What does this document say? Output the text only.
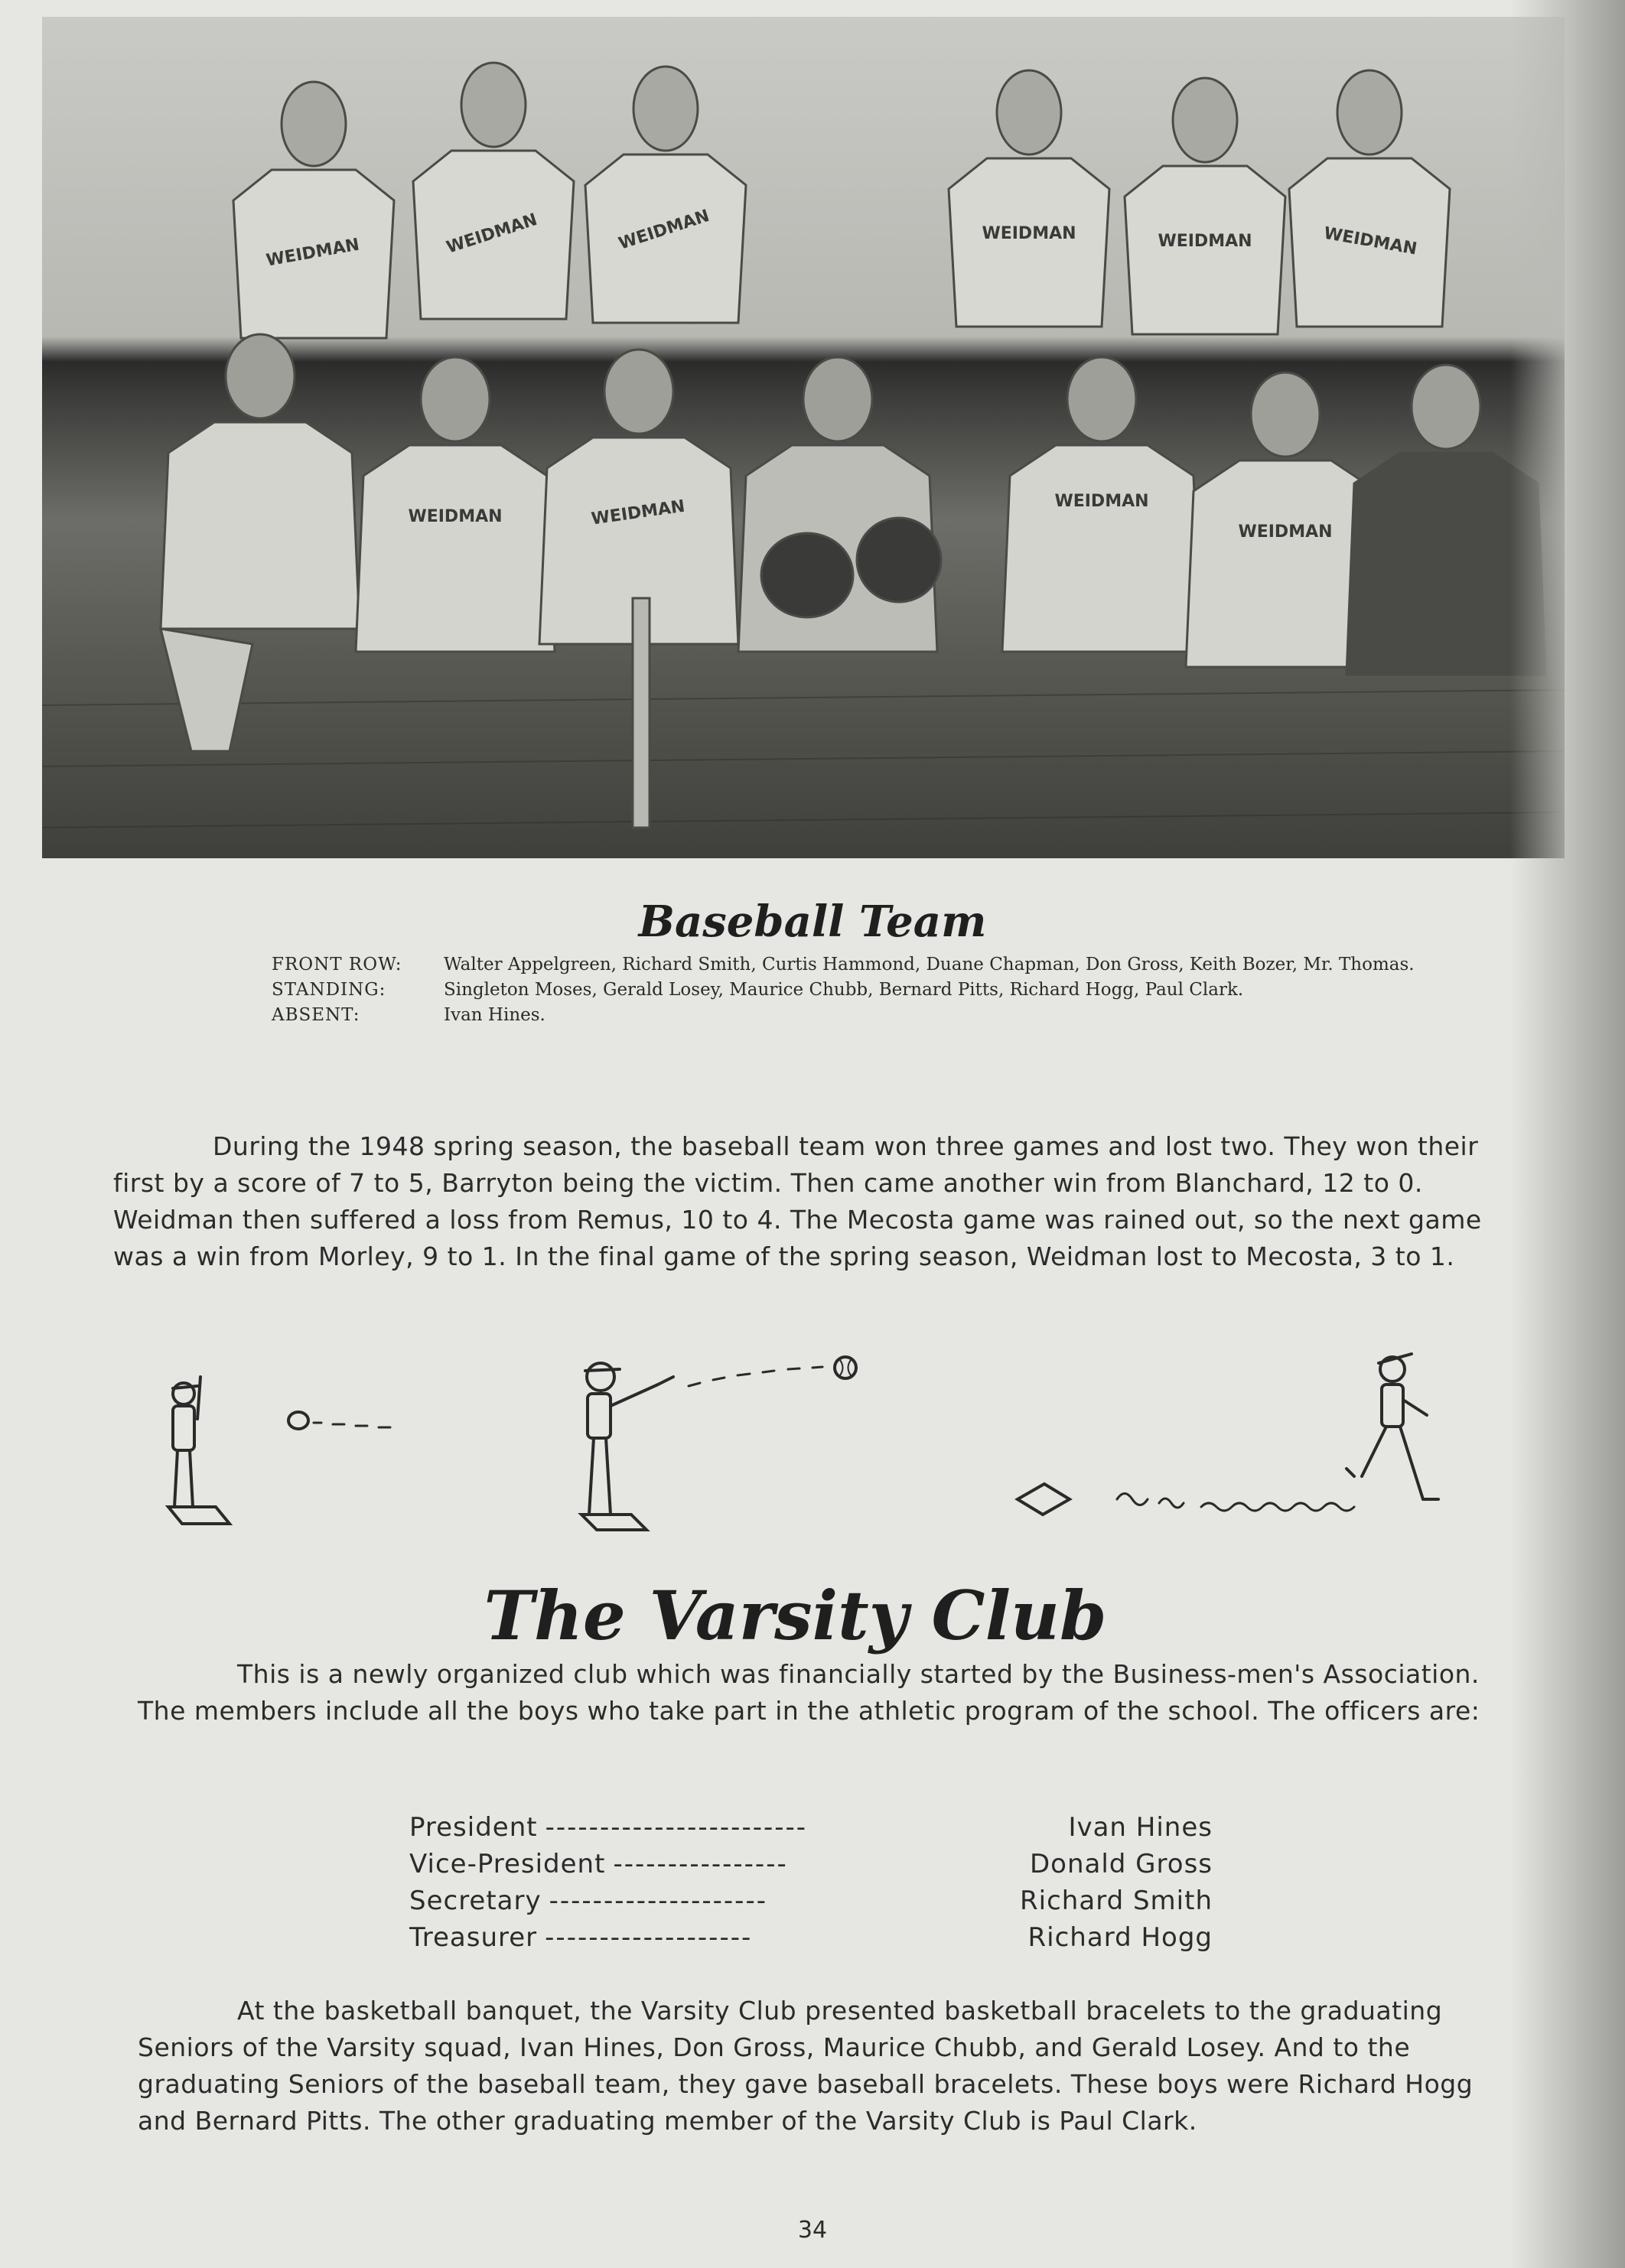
WEIDMAN	WEIDMAN	WEIDMAN	WEIDMAN	WEIDMAN	WEIDMAN
WEIDMAN	WEIDMAN	WEIDMAN
WEIDMAN
Baseball Team
FRONT ROW:	Walter Appelgreen, Richard Smith, Curtis Hammond, Duane Chapman, Don Gross, Keith Bozer, Mr. Thomas.
STANDING:	Singleton Moses, Gerald Losey, Maurice Chubb, Bernard Pitts, Richard Hogg, Paul Clark.
ABSENT:	Ivan Hines.

During the 1948 spring season, the baseball team won three games and lost two. They won their first by a score of 7 to 5, Barryton being the victim. Then came another win from Blanchard, 12 to 0. Weidman then suffered a loss from Remus, 10 to 4. The Mecosta game was rained out, so the next game was a win from Morley, 9 to 1. In the final game of the spring season, Weidman lost to Mecosta, 3 to 1.

The Varsity Club

This is a newly organized club which was financially started by the Business-men's Association. The members include all the boys who take part in the athletic program of the school. The officers are:

President ------------------------	Ivan Hines
Vice-President ----------------	Donald Gross
Secretary --------------------	Richard Smith
Treasurer -------------------	Richard Hogg

At the basketball banquet, the Varsity Club presented basketball bracelets to the graduating Seniors of the Varsity squad, Ivan Hines, Don Gross, Maurice Chubb, and Gerald Losey. And to the graduating Seniors of the baseball team, they gave baseball bracelets. These boys were Richard Hogg and Bernard Pitts. The other graduating member of the Varsity Club is Paul Clark.

34
